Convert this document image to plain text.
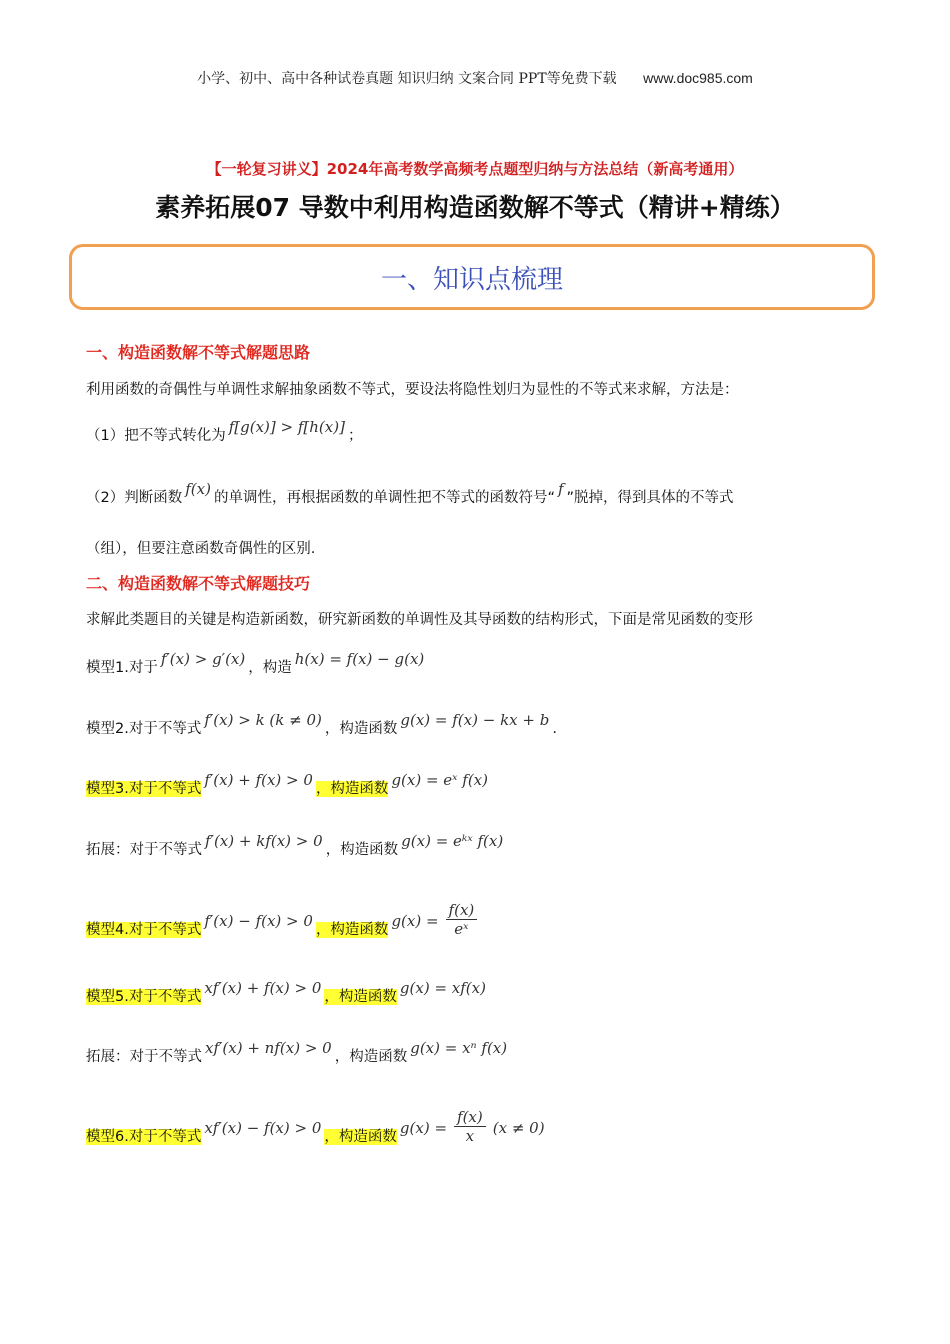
小学、初中、高中各种试卷真题 知识归纳 文案合同 PPT等免费下载 www.doc985.com
【一轮复习讲义】2024年高考数学高频考点题型归纳与方法总结（新高考通用）
素养拓展07 导数中利用构造函数解不等式（精讲+精练）
一、知识点梳理
一、构造函数解不等式解题思路
利用函数的奇偶性与单调性求解抽象函数不等式，要设法将隐性划归为显性的不等式来求解，方法是：
（1）把不等式转化为 f[g(x)] > f[h(x)] ；
（2）判断函数 f(x) 的单调性，再根据函数的单调性把不等式的函数符号“ f ”脱掉，得到具体的不等式
（组），但要注意函数奇偶性的区别.
二、构造函数解不等式解题技巧
求解此类题目的关键是构造新函数，研究新函数的单调性及其导函数的结构形式，下面是常见函数的变形
模型1.对于 f′(x) > g′(x) ，构造 h(x) = f(x) − g(x)
模型2.对于不等式 f′(x) > k (k ≠ 0) ，构造函数 g(x) = f(x) − kx + b .
模型3.对于不等式 f′(x) + f(x) > 0 ，构造函数 g(x) = eˣ f(x)
拓展：对于不等式 f′(x) + kf(x) > 0 ，构造函数 g(x) = eᵏˣ f(x)
模型4.对于不等式 f′(x) − f(x) > 0 ，构造函数 $g(x) = \frac{f(x)}{\text{eˣ}}$
模型5.对于不等式 xf′(x) + f(x) > 0 ，构造函数 g(x) = xf(x)
拓展：对于不等式 xf′(x) + nf(x) > 0 ，构造函数 g(x) = xⁿ f(x)
模型6.对于不等式 xf′(x) − f(x) > 0 ，构造函数 $g(x) = \frac{f(x)}{x} (x \ne 0)$
